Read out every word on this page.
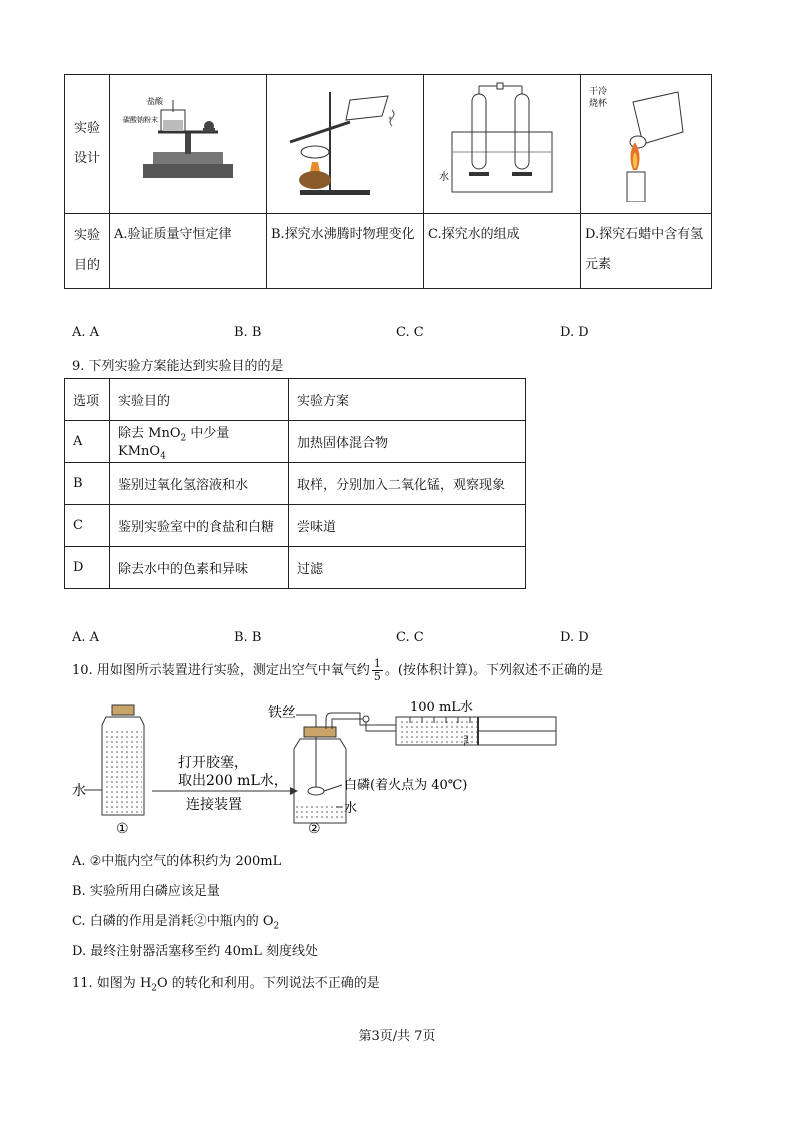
实验设计	盐酸
碳酸钠粉末		水	干冷
烧杯

实验目的	A.验证质量守恒定律	B.探究水沸腾时物理变化	C.探究水的组成	D.探究石蜡中含有氢元素
A. A	B. B	C. C	D. D
9. 下列实验方案能达到实验目的的是
选项	实验目的	实验方案
A	除去 MnO$_2$ 中少量 KMnO$_4$	加热固体混合物
B	鉴别过氧化氢溶液和水	取样，分别加入二氧化锰，观察现象
C	鉴别实验室中的食盐和白糖	尝味道
D	除去水中的色素和异味	过滤
A. A	B. B	C. C	D. D
10. 用如图所示装置进行实验，测定出空气中氧气约 $\frac{1}{5}$ 。(按体积计算)。下列叙述不正确的是
水
①
打开胶塞，
取出200 mL水，
连接装置
铁丝
白磷(着火点为 40℃)
水
②
100 mL水
mL
A. ②中瓶内空气的体积约为 200mL
B. 实验所用白磷应该足量
C. 白磷的作用是消耗②中瓶内的 $O_2$
D. 最终注射器活塞移至约 40mL 刻度线处
11. 如图为 $H_2O$ 的转化和利用。下列说法不正确的是
第3页/共 7页
